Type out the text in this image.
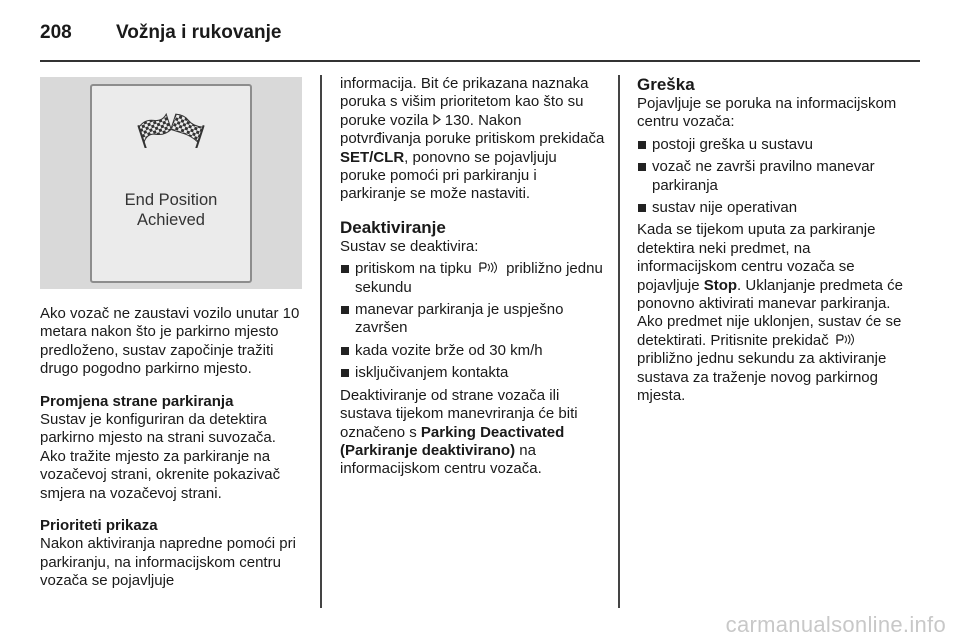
208	Vožnja i rukovanje
End Position
Achieved

Ako vozač ne zaustavi vozilo unutar 10 metara nakon što je parkirno mjesto predloženo, sustav započinje tražiti drugo pogodno parkirno mjesto.

Promjena strane parkiranja

Sustav je konfiguriran da detektira parkirno mjesto na strani suvozača. Ako tražite mjesto za parkiranje na vozačevoj strani, okrenite pokazivač smjera na vozačevoj strani.

Prioriteti prikaza

Nakon aktiviranja napredne pomoći pri parkiranju, na informacijskom centru vozača se pojavljuje

informacija. Bit će prikazana naznaka poruka s višim prioritetom kao što su poruke vozila 130. Nakon potvrđivanja poruke pritiskom prekidača SET/CLR, ponovno se pojavljuju poruke pomoći pri parkiranju i parkiranje se može nastaviti.

Deaktiviranje
Sustav se deaktivira:
pritiskom na tipku približno jednu sekundu
manevar parkiranja je uspješno završen
kada vozite brže od 30 km/h
isključivanjem kontakta

Deaktiviranje od strane vozača ili sustava tijekom manevriranja će biti označeno s Parking Deactivated (Parkiranje deaktivirano) na informacijskom centru vozača.

Greška
Pojavljuje se poruka na informacijskom centru vozača:
postoji greška u sustavu
vozač ne završi pravilno manevar parkiranja
sustav nije operativan

Kada se tijekom uputa za parkiranje detektira neki predmet, na informacijskom centru vozača se pojavljuje Stop. Uklanjanje predmeta će ponovno aktivirati manevar parkiranja. Ako predmet nije uklonjen, sustav će se detektirati. Pritisnite prekidač  približno jednu sekundu za aktiviranje sustava za traženje novog parkirnog mjesta.

carmanualsonline.info
